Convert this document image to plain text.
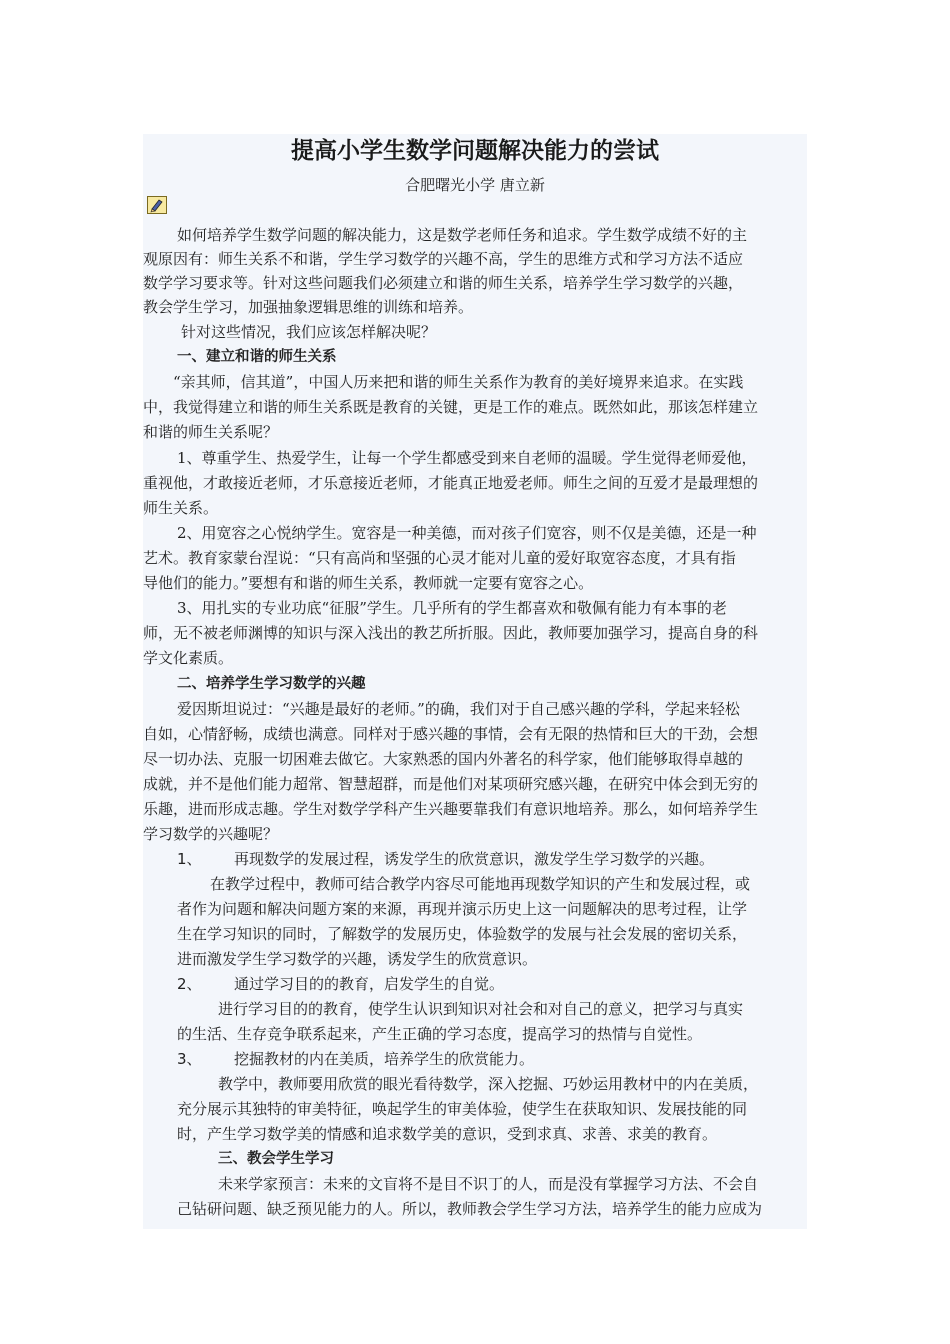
提高小学生数学问题解决能力的尝试
合肥曙光小学 唐立新
如何培养学生数学问题的解决能力，这是数学老师任务和追求。学生数学成绩不好的主
观原因有：师生关系不和谐，学生学习数学的兴趣不高，学生的思维方式和学习方法不适应
数学学习要求等。针对这些问题我们必须建立和谐的师生关系，培养学生学习数学的兴趣，
教会学生学习，加强抽象逻辑思维的训练和培养。
针对这些情况，我们应该怎样解决呢？
一、建立和谐的师生关系
“亲其师，信其道”，中国人历来把和谐的师生关系作为教育的美好境界来追求。在实践
中，我觉得建立和谐的师生关系既是教育的关键，更是工作的难点。既然如此，那该怎样建立
和谐的师生关系呢？
1、尊重学生、热爱学生，让每一个学生都感受到来自老师的温暖。学生觉得老师爱他，
重视他，才敢接近老师，才乐意接近老师，才能真正地爱老师。师生之间的互爱才是最理想的
师生关系。
2、用宽容之心悦纳学生。宽容是一种美德，而对孩子们宽容，则不仅是美德，还是一种
艺术。教育家蒙台涅说：“只有高尚和坚强的心灵才能对儿童的爱好取宽容态度，才具有指
导他们的能力。”要想有和谐的师生关系，教师就一定要有宽容之心。
3、用扎实的专业功底“征服”学生。几乎所有的学生都喜欢和敬佩有能力有本事的老
师，无不被老师渊博的知识与深入浅出的教艺所折服。因此，教师要加强学习，提高自身的科
学文化素质。
二、培养学生学习数学的兴趣
爱因斯坦说过：“兴趣是最好的老师。”的确，我们对于自己感兴趣的学科，学起来轻松
自如，心情舒畅，成绩也满意。同样对于感兴趣的事情，会有无限的热情和巨大的干劲，会想
尽一切办法、克服一切困难去做它。大家熟悉的国内外著名的科学家，他们能够取得卓越的
成就，并不是他们能力超常、智慧超群，而是他们对某项研究感兴趣，在研究中体会到无穷的
乐趣，进而形成志趣。学生对数学学科产生兴趣要靠我们有意识地培养。那么，如何培养学生
学习数学的兴趣呢？
1、 再现数学的发展过程，诱发学生的欣赏意识，激发学生学习数学的兴趣。
在教学过程中，教师可结合教学内容尽可能地再现数学知识的产生和发展过程，或
者作为问题和解决问题方案的来源，再现并演示历史上这一问题解决的思考过程，让学
生在学习知识的同时，了解数学的发展历史，体验数学的发展与社会发展的密切关系，
进而激发学生学习数学的兴趣，诱发学生的欣赏意识。
2、 通过学习目的的教育，启发学生的自觉。
进行学习目的的教育，使学生认识到知识对社会和对自己的意义，把学习与真实
的生活、生存竞争联系起来，产生正确的学习态度，提高学习的热情与自觉性。
3、 挖掘教材的内在美质，培养学生的欣赏能力。
教学中，教师要用欣赏的眼光看待数学，深入挖掘、巧妙运用教材中的内在美质，
充分展示其独特的审美特征，唤起学生的审美体验，使学生在获取知识、发展技能的同
时，产生学习数学美的情感和追求数学美的意识，受到求真、求善、求美的教育。
三、教会学生学习
未来学家预言：未来的文盲将不是目不识丁的人，而是没有掌握学习方法、不会自
己钻研问题、缺乏预见能力的人。所以，教师教会学生学习方法，培养学生的能力应成为
